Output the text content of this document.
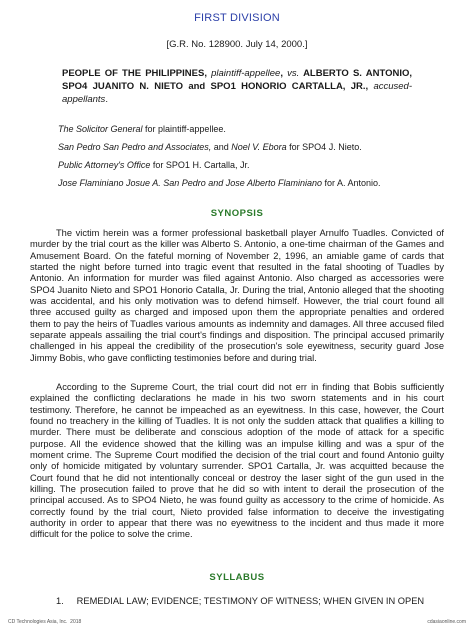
FIRST DIVISION
[G.R. No. 128900. July 14, 2000.]
PEOPLE OF THE PHILIPPINES, plaintiff-appellee, vs. ALBERTO S. ANTONIO, SPO4 JUANITO N. NIETO and SPO1 HONORIO CARTALLA, JR., accused-appellants.
The Solicitor General for plaintiff-appellee.
San Pedro San Pedro and Associates, and Noel V. Ebora for SPO4 J. Nieto.
Public Attorney's Office for SPO1 H. Cartalla, Jr.
Jose Flaminiano Josue A. San Pedro and Jose Alberto Flaminiano for A. Antonio.
SYNOPSIS
The victim herein was a former professional basketball player Arnulfo Tuadles. Convicted of murder by the trial court as the killer was Alberto S. Antonio, a one-time chairman of the Games and Amusement Board. On the fateful morning of November 2, 1996, an amiable game of cards that started the night before turned into tragic event that resulted in the fatal shooting of Tuadles by Antonio. An information for murder was filed against Antonio. Also charged as accessories were SPO4 Juanito Nieto and SPO1 Honorio Catalla, Jr. During the trial, Antonio alleged that the shooting was accidental, and his only motivation was to defend himself. However, the trial court found all three accused guilty as charged and imposed upon them the appropriate penalties and ordered them to pay the heirs of Tuadles various amounts as indemnity and damages. All three accused filed separate appeals assailing the trial court's findings and disposition. The principal accused primarily challenged in his appeal the credibility of the prosecution's sole eyewitness, security guard Jose Jimmy Bobis, who gave conflicting testimonies before and during trial.
According to the Supreme Court, the trial court did not err in finding that Bobis sufficiently explained the conflicting declarations he made in his two sworn statements and in his court testimony. Therefore, he cannot be impeached as an eyewitness. In this case, however, the Court found no treachery in the killing of Tuadles. It is not only the sudden attack that qualifies a killing to murder. There must be deliberate and conscious adoption of the mode of attack for a specific purpose. All the evidence showed that the killing was an impulse killing and was a spur of the moment crime. The Supreme Court modified the decision of the trial court and found Antonio guilty only of homicide mitigated by voluntary surrender. SPO1 Cartalla, Jr. was acquitted because the Court found that he did not intentionally conceal or destroy the laser sight of the gun used in the killing. The prosecution failed to prove that he did so with intent to derail the prosecution of the principal accused. As to SPO4 Nieto, he was found guilty as accessory to the crime of homicide. As correctly found by the trial court, Nieto provided false information to deceive the investigating authority in order to appear that there was no eyewitness to the incident and thus made it more difficult for the police to solve the crime.
SYLLABUS
1.     REMEDIAL LAW; EVIDENCE; TESTIMONY OF WITNESS; WHEN GIVEN IN OPEN
CD Technologies Asia, Inc.  2018	cdasiaonline.com
